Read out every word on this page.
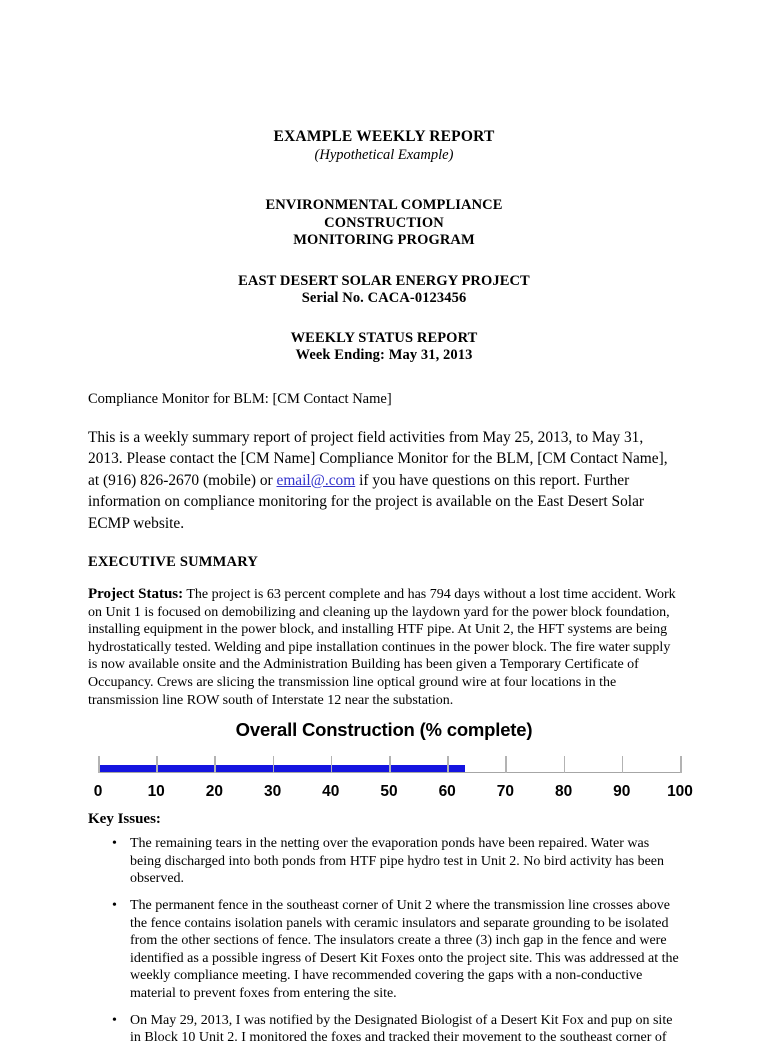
EXAMPLE WEEKLY REPORT
(Hypothetical Example)
ENVIRONMENTAL COMPLIANCE
CONSTRUCTION
MONITORING PROGRAM
EAST DESERT SOLAR ENERGY PROJECT
Serial No. CACA-0123456
WEEKLY STATUS REPORT
Week Ending: May 31, 2013
Compliance Monitor for BLM: [CM Contact Name]
This is a weekly summary report of project field activities from May 25, 2013, to May 31, 2013. Please contact the [CM Name] Compliance Monitor for the BLM, [CM Contact Name], at (916) 826-2670 (mobile) or email@.com if you have questions on this report. Further information on compliance monitoring for the project is available on the East Desert Solar ECMP website.
EXECUTIVE SUMMARY
Project Status: The project is 63 percent complete and has 794 days without a lost time accident. Work on Unit 1 is focused on demobilizing and cleaning up the laydown yard for the power block foundation, installing equipment in the power block, and installing HTF pipe. At Unit 2, the HFT systems are being hydrostatically tested. Welding and pipe installation continues in the power block. The fire water supply is now available onsite and the Administration Building has been given a Temporary Certificate of Occupancy. Crews are slicing the transmission line optical ground wire at four locations in the transmission line ROW south of Interstate 12 near the substation.
Overall Construction (% complete)
0	10	20	30	40	50	60	70	80	90 100
Key Issues:
• The remaining tears in the netting over the evaporation ponds have been repaired. Water was being discharged into both ponds from HTF pipe hydro test in Unit 2. No bird activity has been observed.
• The permanent fence in the southeast corner of Unit 2 where the transmission line crosses above the fence contains isolation panels with ceramic insulators and separate grounding to be isolated from the other sections of fence. The insulators create a three (3) inch gap in the fence and were identified as a possible ingress of Desert Kit Foxes onto the project site. This was addressed at the weekly compliance meeting. I have recommended covering the gaps with a non-conductive material to prevent foxes from entering the site.
• On May 29, 2013, I was notified by the Designated Biologist of a Desert Kit Fox and pup on site in Block 10 Unit 2. I monitored the foxes and tracked their movement to the southeast corner of
